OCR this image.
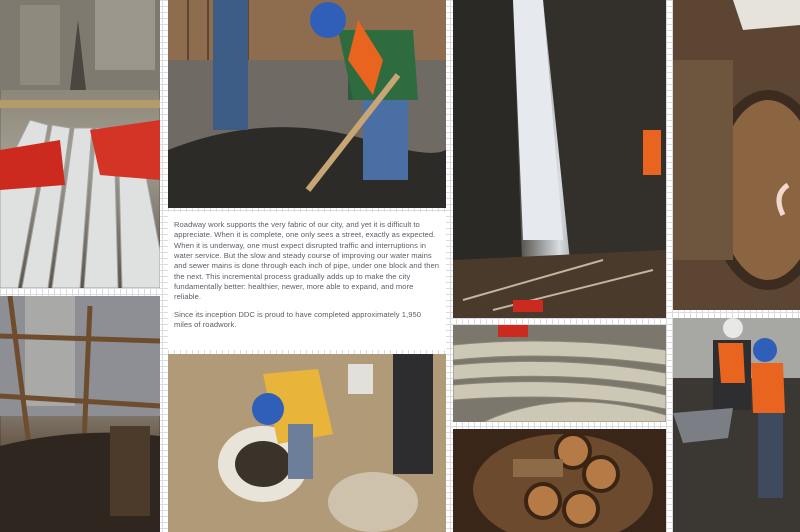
Roadway work supports the very fabric of our city, and yet it is difficult to appreciate. When it is complete, one only sees a street, exactly as expected. When it is underway, one must expect disrupted traffic and interruptions in water service. But the slow and steady course of improving our water mains and sewer mains is done through each inch of pipe, under one block and then the next. This incremental process gradually adds up to make the city fundamentally better: healthier, newer, more able to expand, and more reliable.

Since its inception DDC is proud to have completed approximately 1,950 miles of roadwork.
